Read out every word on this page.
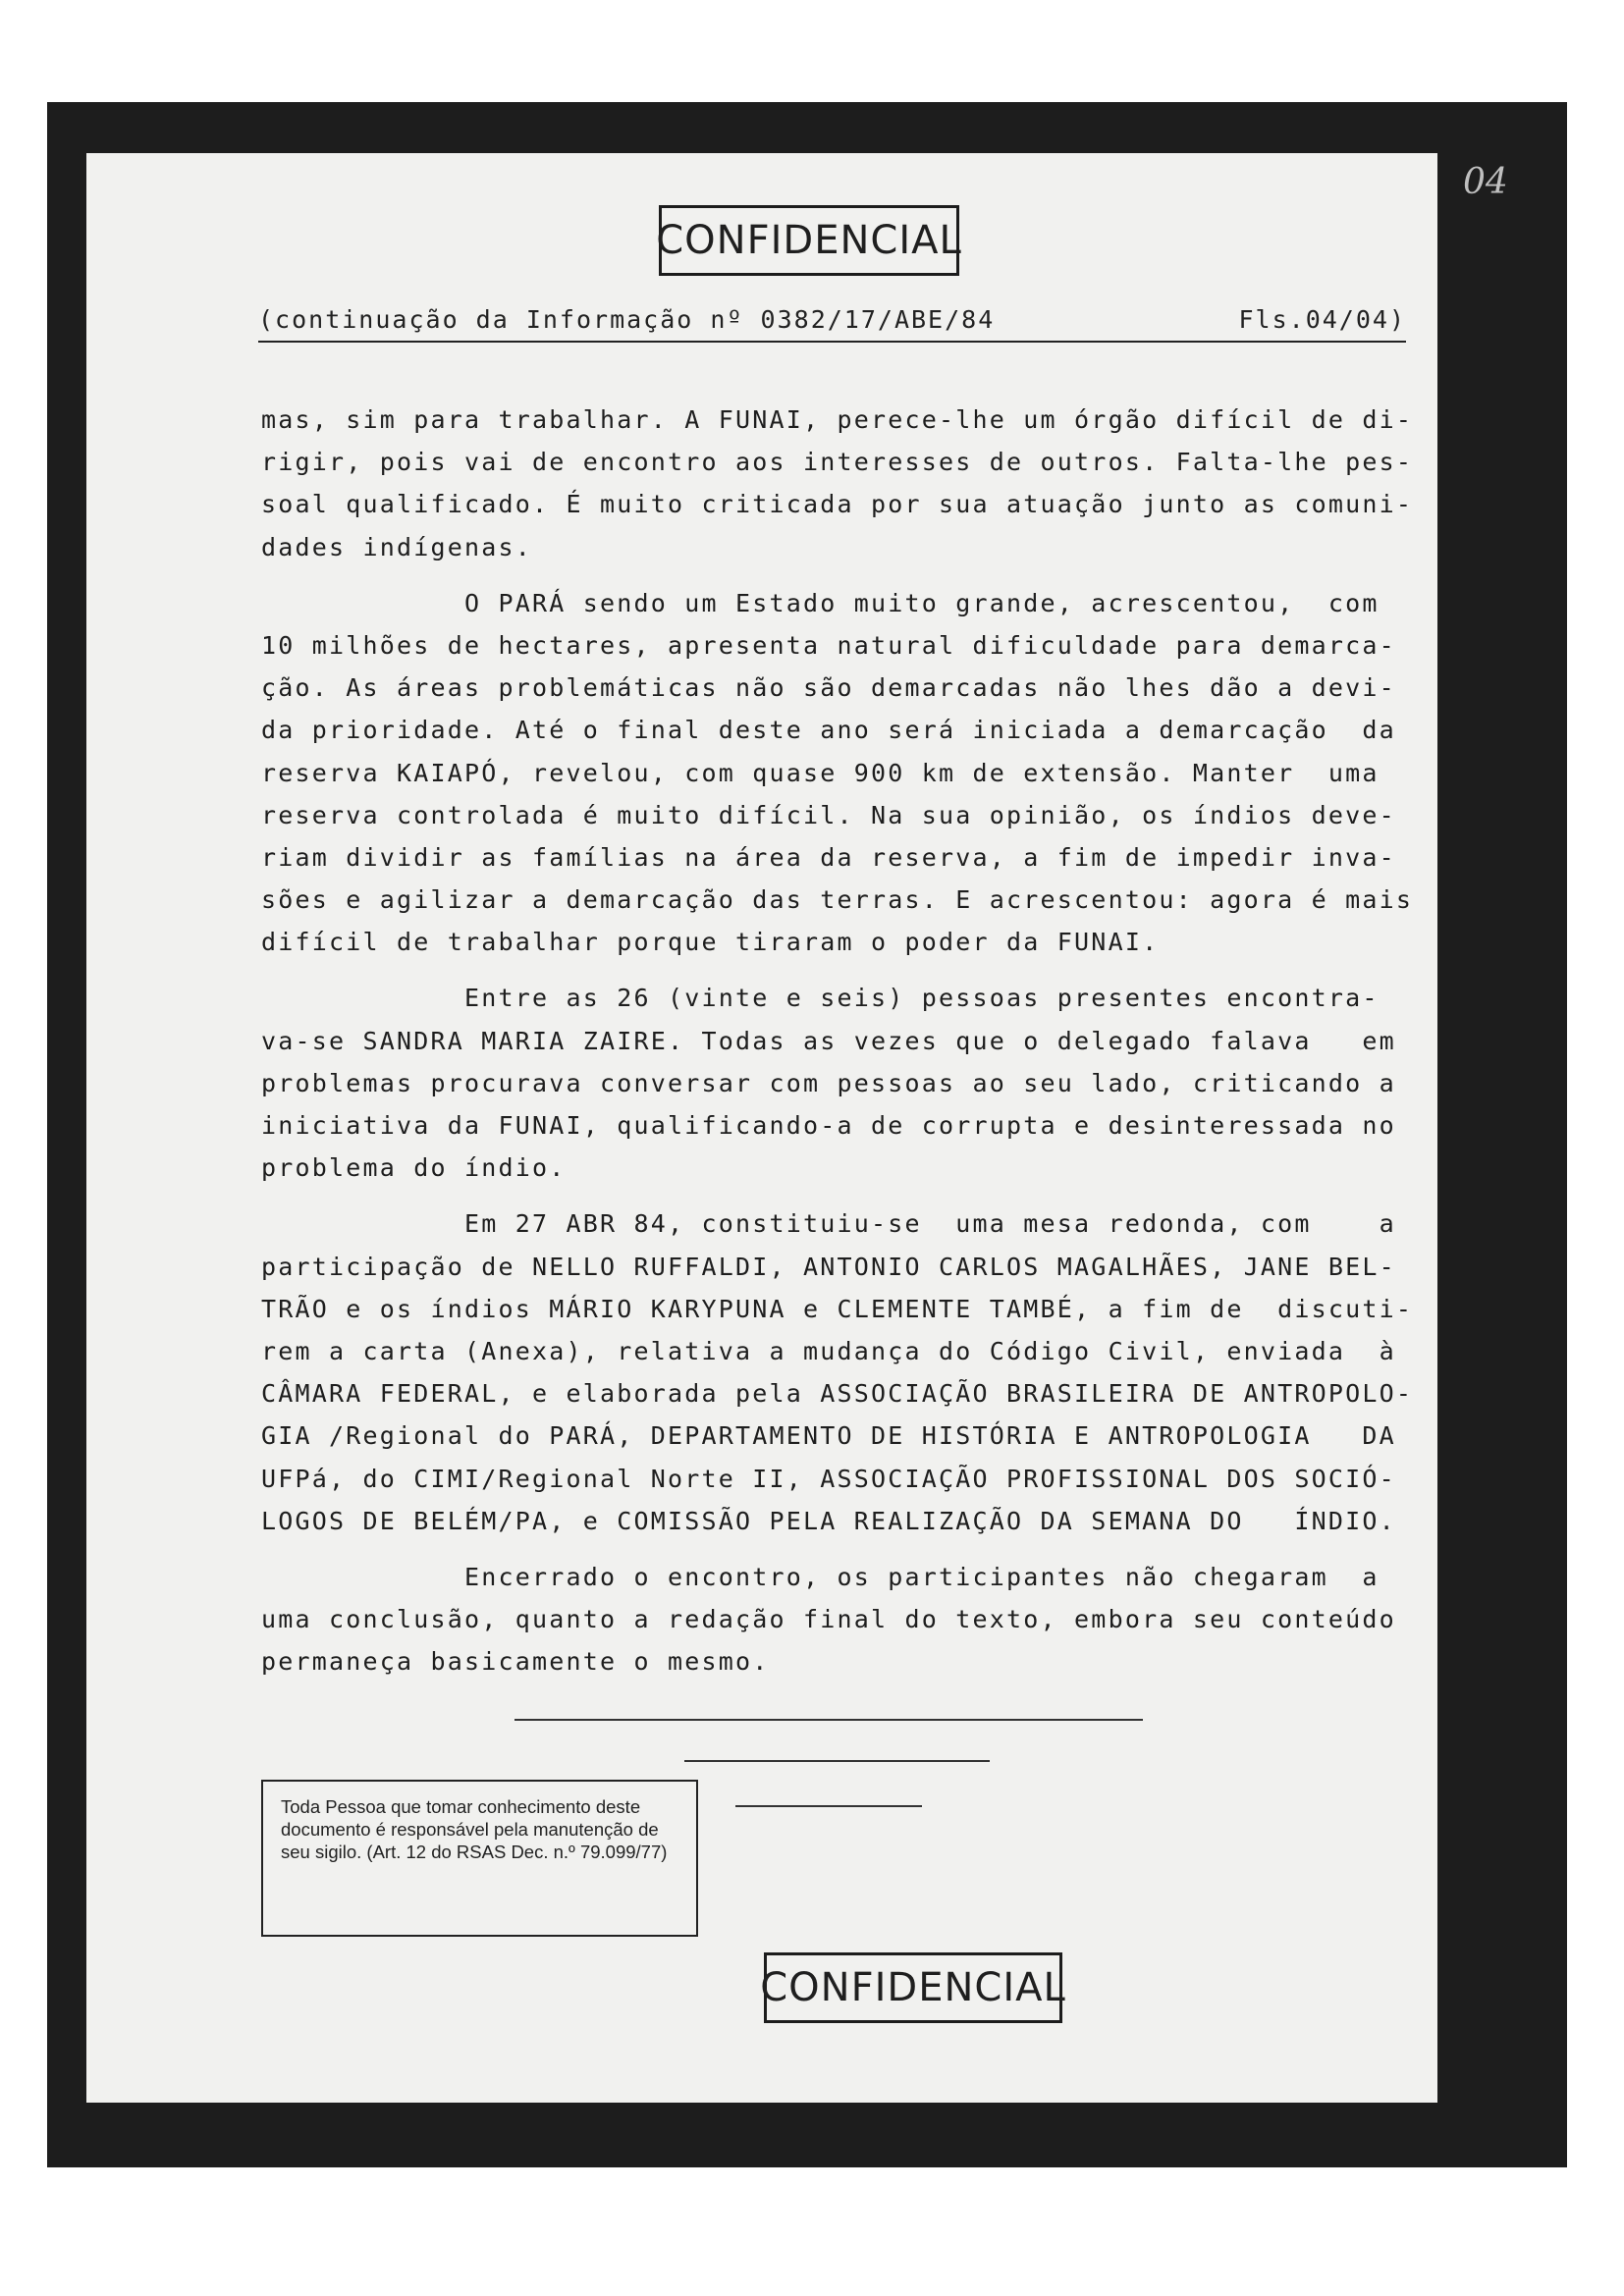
04
CONFIDENCIAL
(continuação da Informação nº 0382/17/ABE/84	Fls.04/04)
mas, sim para trabalhar. A FUNAI, perece-lhe um órgão difícil de di-
rigir, pois vai de encontro aos interesses de outros. Falta-lhe pes-
soal qualificado. É muito criticada por sua atuação junto as comuni-
dades indígenas.
O PARÁ sendo um Estado muito grande, acrescentou,  com
10 milhões de hectares, apresenta natural dificuldade para demarca-
ção. As áreas problemáticas não são demarcadas não lhes dão a devi-
da prioridade. Até o final deste ano será iniciada a demarcação  da
reserva KAIAPÓ, revelou, com quase 900 km de extensão. Manter  uma
reserva controlada é muito difícil. Na sua opinião, os índios deve-
riam dividir as famílias na área da reserva, a fim de impedir inva-
sões e agilizar a demarcação das terras. E acrescentou: agora é mais
difícil de trabalhar porque tiraram o poder da FUNAI.
Entre as 26 (vinte e seis) pessoas presentes encontra-
va-se SANDRA MARIA ZAIRE. Todas as vezes que o delegado falava   em
problemas procurava conversar com pessoas ao seu lado, criticando a
iniciativa da FUNAI, qualificando-a de corrupta e desinteressada no
problema do índio.
Em 27 ABR 84, constituiu-se  uma mesa redonda, com    a
participação de NELLO RUFFALDI, ANTONIO CARLOS MAGALHÃES, JANE BEL-
TRÃO e os índios MÁRIO KARYPUNA e CLEMENTE TAMBÉ, a fim de  discuti-
rem a carta (Anexa), relativa a mudança do Código Civil, enviada  à
CÂMARA FEDERAL, e elaborada pela ASSOCIAÇÃO BRASILEIRA DE ANTROPOLO-
GIA /Regional do PARÁ, DEPARTAMENTO DE HISTÓRIA E ANTROPOLOGIA   DA
UFPá, do CIMI/Regional Norte II, ASSOCIAÇÃO PROFISSIONAL DOS SOCIÓ-
LOGOS DE BELÉM/PA, e COMISSÃO PELA REALIZAÇÃO DA SEMANA DO   ÍNDIO.
Encerrado o encontro, os participantes não chegaram  a
uma conclusão, quanto a redação final do texto, embora seu conteúdo
permaneça basicamente o mesmo.
Toda Pessoa que tomar conhecimento deste documento é responsável pela manutenção de seu sigilo. (Art. 12 do RSAS Dec. n.º 79.099/77)
CONFIDENCIAL
